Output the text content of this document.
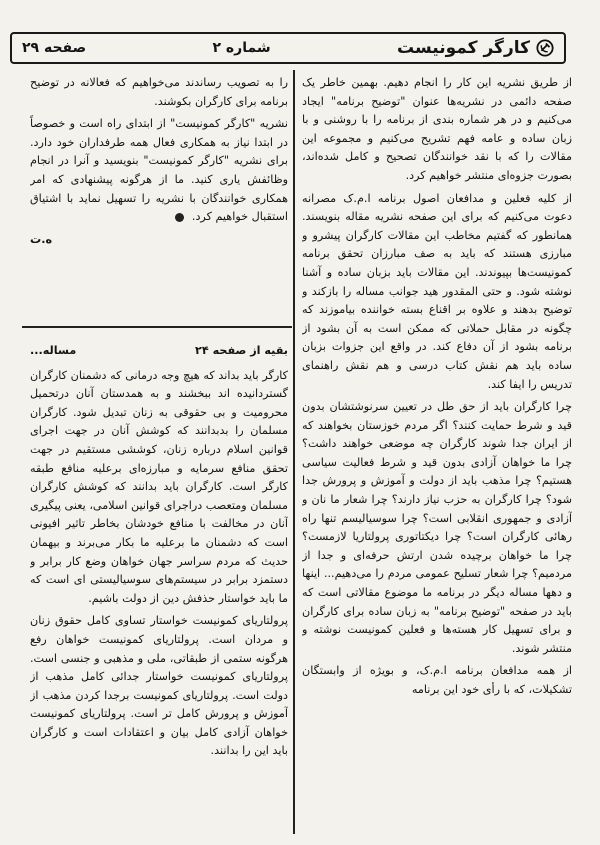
کارگر کمونیست
شماره ۲
صفحه ۲۹

از طریق نشریه این کار را انجام دهیم. بهمین خاطر یک صفحه دائمی در نشریه‌ها عنوان "توضیح برنامه" ایجاد می‌کنیم و در هر شماره بندی از برنامه را با روشنی و با زبان ساده و عامه فهم تشریح می‌کنیم و مجموعه این مقالات را که با نقد خوانندگان تصحیح و کامل شده‌اند، بصورت جزوه‌ای منتشر خواهیم کرد.

از کلیه فعلین و مدافعان اصول برنامه ا.م.ک مصرانه دعوت می‌کنیم که برای این صفحه نشریه مقاله بنویسند. همانطور که گفتیم مخاطب این مقالات کارگران پیشرو و مبارزی هستند که باید به صف مبارزان تحقق برنامه کمونیست‌ها بپیوندند. این مقالات باید بزبان ساده و آشنا نوشته شود. و حتی المقدور هید جوانب مساله را بازکند و توضیح بدهند و علاوه بر اقناع بسته خواننده بیاموزند که چگونه در مقابل حملاتی که ممکن است به آن بشود از برنامه بشود از آن دفاع کند. در واقع این جزوات بزبان ساده باید هم نقش کتاب درسی و هم نقش راهنمای تدریس را ایفا کند.

چرا کارگران باید از حق طل در تعیین سرنوشتشان بدون قید و شرط حمایت کنند؟ اگر مردم خوزستان بخواهند که از ایران جدا شوند کارگران چه موضعی خواهند داشت؟ چرا ما خواهان آزادی بدون قید و شرط فعالیت سیاسی هستیم؟ چرا مذهب باید از دولت و آموزش و پرورش جدا شود؟ چرا کارگران به حزب نیاز دارند؟ چرا شعار ما نان و آزادی و جمهوری انقلابی است؟ چرا سوسیالیسم تنها راه رهائی کارگران است؟ چرا دیکتاتوری پرولتاریا لازمست؟ چرا ما خواهان برچیده شدن ارتش حرفه‌ای و جدا از مردمیم؟ چرا شعار تسلیح عمومی مردم را می‌دهیم... اینها و دهها مساله دیگر در برنامه ما موضوع مقالاتی است که باید در صفحه "توضیح برنامه" به زبان ساده برای کارگران و برای تسهیل کار هسته‌ها و فعلین کمونیست نوشته و منتشر شوند.

از همه مدافعان برنامه ا.م.ک، و بویژه از وابستگان تشکیلات، که با رأی خود این برنامه

را به تصویب رساندند می‌خواهیم که فعالانه در توضیح برنامه برای کارگران بکوشند.

نشریه "کارگر کمونیست" از ابتدای راه است و خصوصاً در ابتدا نیاز به همکاری فعال همه طرفداران خود دارد. برای نشریه "کارگر کمونیست" بنویسید و آنرا در انجام وظائفش یاری کنید. ما از هرگونه پیشنهادی که امر همکاری خوانندگان با نشریه را تسهیل نماید با اشتیاق استقبال خواهیم کرد.

ه.ت
بقیه از صفحه ۲۴
مساله...

کارگر باید بداند که هیچ وجه درمانی که دشمنان کارگران گستردانیده اند ببخشند و به همدستان آنان درتحمیل محرومیت و بی حقوقی به زنان تبدیل شود. کارگران مسلمان را بدبدانند که کوشش آنان در جهت اجرای قوانین اسلام درباره زنان، کوششی مستقیم در جهت تحقق منافع سرمایه و مبارزه‌ای برعلیه منافع طبقه کارگر است. کارگران باید بدانند که کوشش کارگران مسلمان ومتعصب دراجرای قوانین اسلامی، یعنی پیگیری آنان در مخالفت با منافع خودشان بخاطر تاثیر افیونی است که دشمنان ما برعلیه ما بکار می‌برند و بیهمان حدیث که مردم سراسر جهان خواهان وضع کار برابر و دستمزد برابر در سیستم‌های سوسیالیستی ای است که ما باید خواستار حذفش دین از دولت باشیم.

پرولتاریای کمونیست خواستار تساوی کامل حقوق زنان و مردان است. پرولتاریای کمونیست خواهان رفع هرگونه ستمی از طبقاتی، ملی و مذهبی و جنسی است. پرولتاریای کمونیست خواستار جدائی کامل مذهب از دولت است. پرولتاریای کمونیست برجدا کردن مذهب از آموزش و پرورش کامل تر است. پرولتاریای کمونیست خواهان آزادی کامل بیان و اعتقادات است و کارگران باید این را بدانند.
